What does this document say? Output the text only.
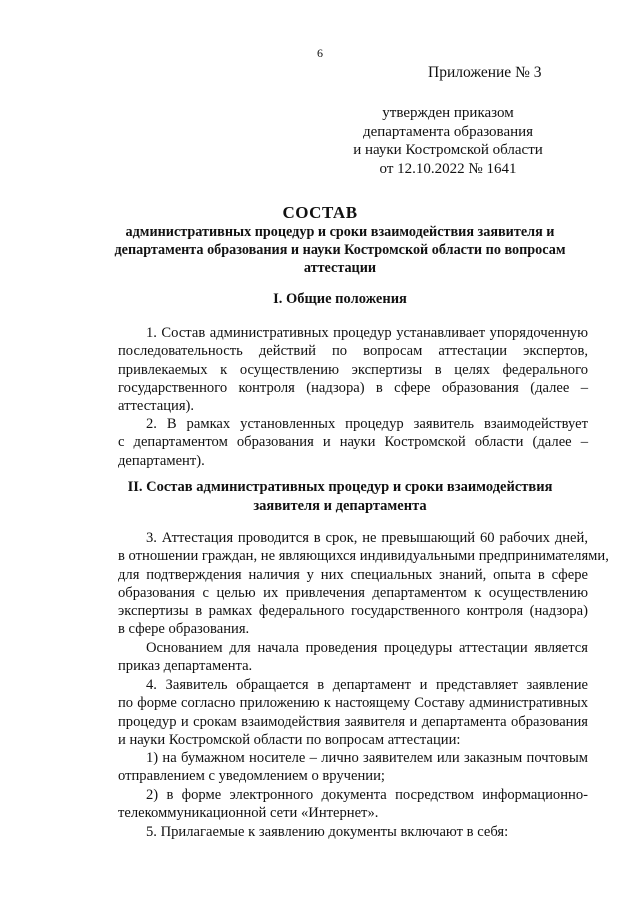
6
Приложение № 3
утвержден приказом
департамента образования
и науки Костромской области
от 12.10.2022 № 1641
СОСТАВ
административных процедур и сроки взаимодействия заявителя и
департамента образования и науки Костромской области по вопросам
аттестации
I. Общие положения
1. Состав административных процедур устанавливает упорядоченную
последовательность действий по вопросам аттестации экспертов,
привлекаемых к осуществлению экспертизы в целях федерального
государственного контроля (надзора) в сфере образования (далее –
аттестация).
2. В рамках установленных процедур заявитель взаимодействует
с департаментом образования и науки Костромской области (далее –
департамент).
II. Состав административных процедур и сроки взаимодействия
заявителя и департамента
3. Аттестация проводится в срок, не превышающий 60 рабочих дней,
в отношении граждан, не являющихся индивидуальными предпринимателями,
для подтверждения наличия у них специальных знаний, опыта в сфере
образования с целью их привлечения департаментом к осуществлению
экспертизы в рамках федерального государственного контроля (надзора)
в сфере образования.
Основанием для начала проведения процедуры аттестации является
приказ департамента.
4. Заявитель обращается в департамент и представляет заявление
по форме согласно приложению к настоящему Составу административных
процедур и срокам взаимодействия заявителя и департамента образования
и науки Костромской области по вопросам аттестации:
1) на бумажном носителе – лично заявителем или заказным почтовым
отправлением с уведомлением о вручении;
2) в форме электронного документа посредством информационно-
телекоммуникационной сети «Интернет».
5. Прилагаемые к заявлению документы включают в себя:
